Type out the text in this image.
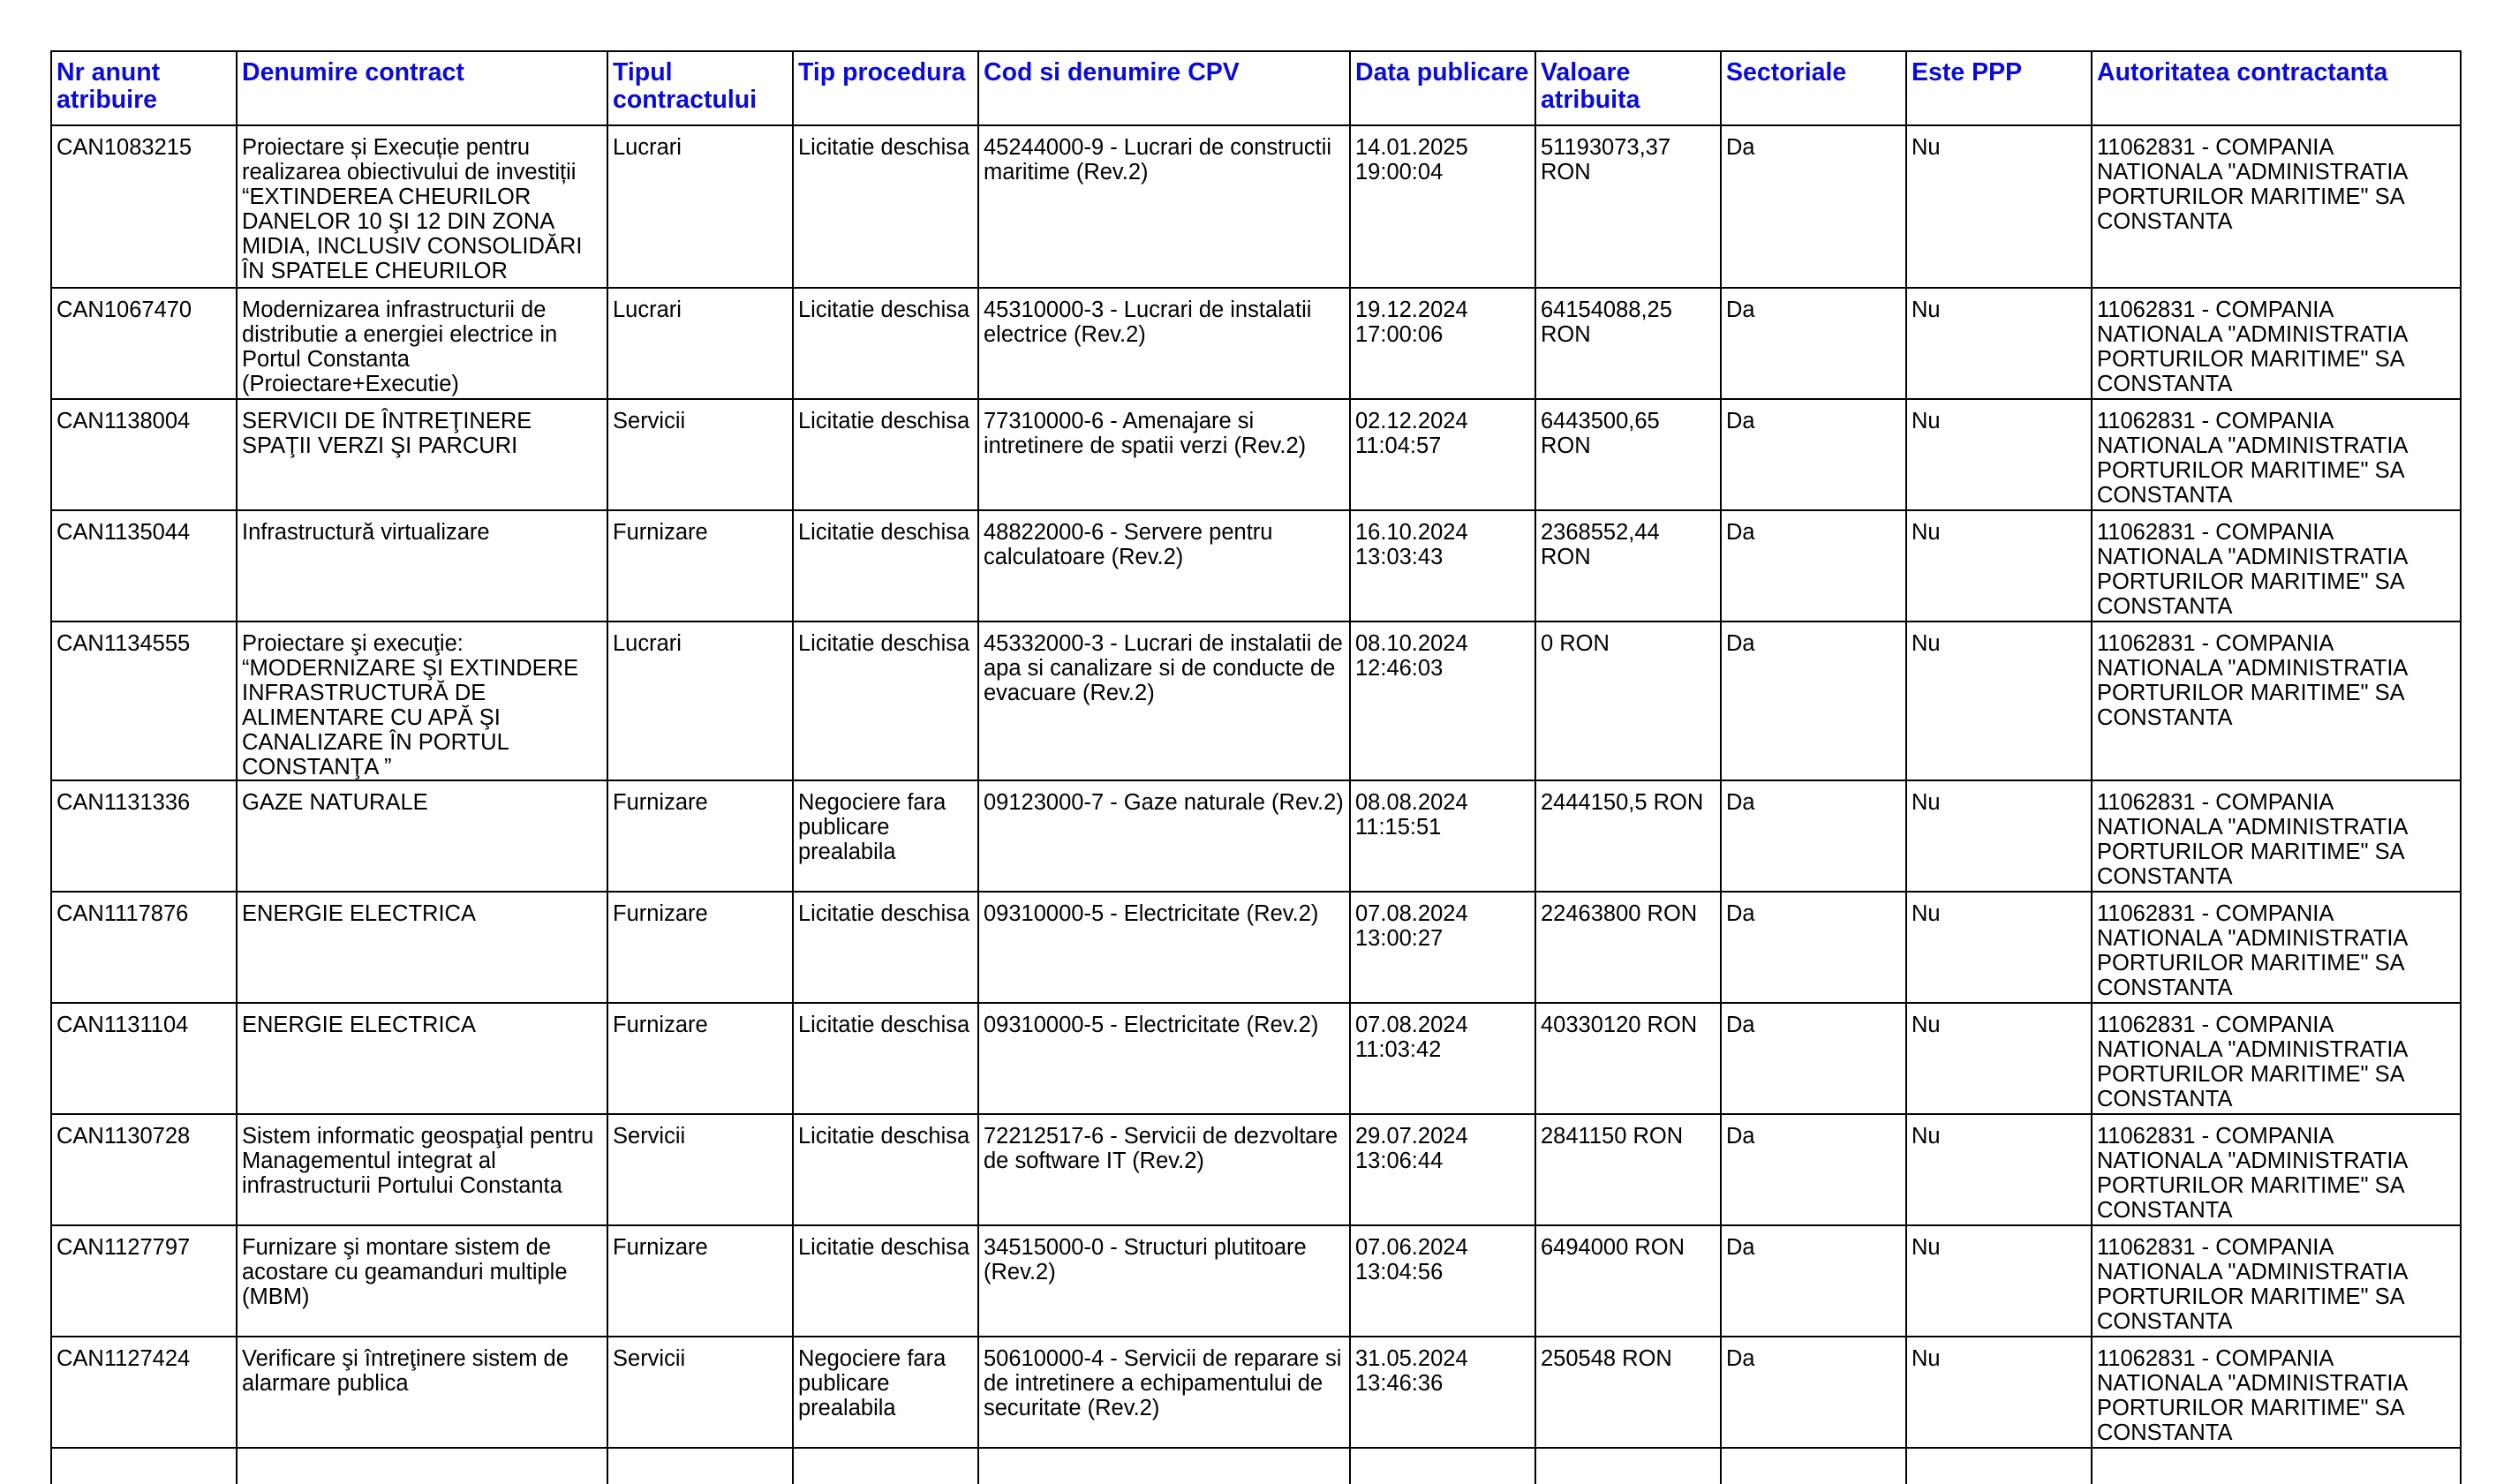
Nr anunt atribuire	Denumire contract	Tipul contractului	Tip procedura	Cod si denumire CPV	Data publicare	Valoare atribuita	Sectoriale	Este PPP	Autoritatea contractanta
CAN1083215	Proiectare și Execuție pentru realizarea obiectivului de investiții “EXTINDEREA CHEURILOR DANELOR 10 ŞI 12 DIN ZONA MIDIA, INCLUSIV CONSOLIDĂRI ÎN SPATELE CHEURILOR	Lucrari	Licitatie deschisa	45244000-9 - Lucrari de constructii maritime (Rev.2)	14.01.2025 19:00:04	51193073,37 RON	Da	Nu	11062831 - COMPANIA NATIONALA "ADMINISTRATIA PORTURILOR MARITIME" SA CONSTANTA
CAN1067470	Modernizarea infrastructurii de distributie a energiei electrice in Portul Constanta (Proiectare+Executie)	Lucrari	Licitatie deschisa	45310000-3 - Lucrari de instalatii electrice (Rev.2)	19.12.2024 17:00:06	64154088,25 RON	Da	Nu	11062831 - COMPANIA NATIONALA "ADMINISTRATIA PORTURILOR MARITIME" SA CONSTANTA
CAN1138004	SERVICII DE ÎNTREŢINERE SPAŢII VERZI ŞI PARCURI	Servicii	Licitatie deschisa	77310000-6 - Amenajare si intretinere de spatii verzi (Rev.2)	02.12.2024 11:04:57	6443500,65 RON	Da	Nu	11062831 - COMPANIA NATIONALA "ADMINISTRATIA PORTURILOR MARITIME" SA CONSTANTA
CAN1135044	Infrastructură virtualizare	Furnizare	Licitatie deschisa	48822000-6 - Servere pentru calculatoare (Rev.2)	16.10.2024 13:03:43	2368552,44 RON	Da	Nu	11062831 - COMPANIA NATIONALA "ADMINISTRATIA PORTURILOR MARITIME" SA CONSTANTA
CAN1134555	Proiectare şi execuţie: “MODERNIZARE ŞI EXTINDERE INFRASTRUCTURĂ DE ALIMENTARE CU APĂ ŞI CANALIZARE ÎN PORTUL CONSTANŢA ”	Lucrari	Licitatie deschisa	45332000-3 - Lucrari de instalatii de apa si canalizare si de conducte de evacuare (Rev.2)	08.10.2024 12:46:03	0 RON	Da	Nu	11062831 - COMPANIA NATIONALA "ADMINISTRATIA PORTURILOR MARITIME" SA CONSTANTA
CAN1131336	GAZE NATURALE	Furnizare	Negociere fara publicare prealabila	09123000-7 - Gaze naturale (Rev.2)	08.08.2024 11:15:51	2444150,5 RON	Da	Nu	11062831 - COMPANIA NATIONALA "ADMINISTRATIA PORTURILOR MARITIME" SA CONSTANTA
CAN1117876	ENERGIE ELECTRICA	Furnizare	Licitatie deschisa	09310000-5 - Electricitate (Rev.2)	07.08.2024 13:00:27	22463800 RON	Da	Nu	11062831 - COMPANIA NATIONALA "ADMINISTRATIA PORTURILOR MARITIME" SA CONSTANTA
CAN1131104	ENERGIE ELECTRICA	Furnizare	Licitatie deschisa	09310000-5 - Electricitate (Rev.2)	07.08.2024 11:03:42	40330120 RON	Da	Nu	11062831 - COMPANIA NATIONALA "ADMINISTRATIA PORTURILOR MARITIME" SA CONSTANTA
CAN1130728	Sistem informatic geospaţial pentru Managementul integrat al infrastructurii Portului Constanta	Servicii	Licitatie deschisa	72212517-6 - Servicii de dezvoltare de software IT (Rev.2)	29.07.2024 13:06:44	2841150 RON	Da	Nu	11062831 - COMPANIA NATIONALA "ADMINISTRATIA PORTURILOR MARITIME" SA CONSTANTA
CAN1127797	Furnizare şi montare sistem de acostare cu geamanduri multiple (MBM)	Furnizare	Licitatie deschisa	34515000-0 - Structuri plutitoare (Rev.2)	07.06.2024 13:04:56	6494000 RON	Da	Nu	11062831 - COMPANIA NATIONALA "ADMINISTRATIA PORTURILOR MARITIME" SA CONSTANTA
CAN1127424	Verificare şi întreţinere sistem de alarmare publica	Servicii	Negociere fara publicare prealabila	50610000-4 - Servicii de reparare si de intretinere a echipamentului de securitate (Rev.2)	31.05.2024 13:46:36	250548 RON	Da	Nu	11062831 - COMPANIA NATIONALA "ADMINISTRATIA PORTURILOR MARITIME" SA CONSTANTA
